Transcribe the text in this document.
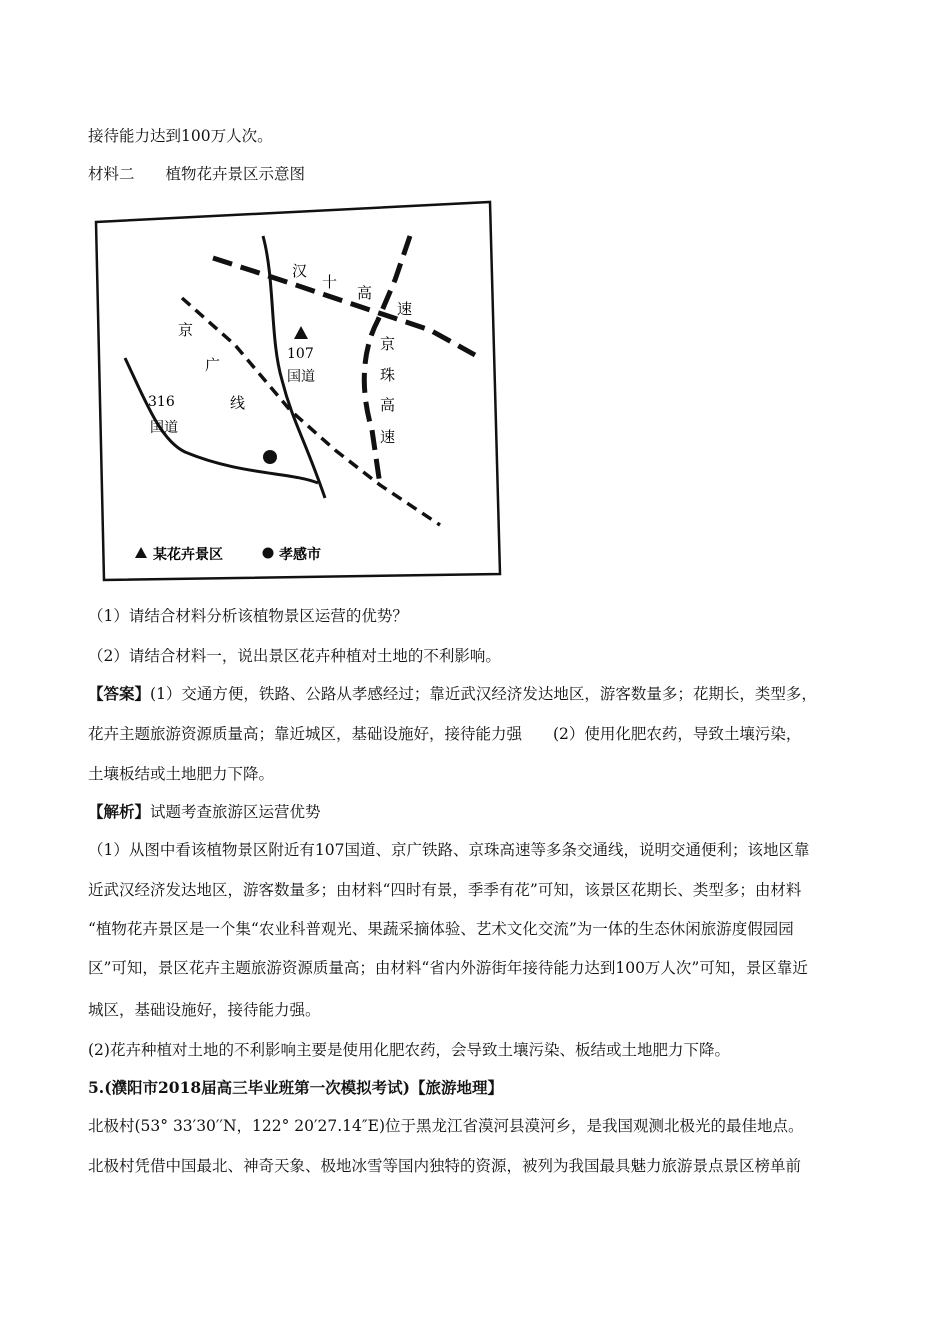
接待能力达到100万人次。
材料二　　植物花卉景区示意图
汉
十
高
速
京
珠
高
速
京
广
线
107
国道
316
国道
某花卉景区	孝感市
（1）请结合材料分析该植物景区运营的优势？
（2）请结合材料一，说出景区花卉种植对土地的不利影响。
【答案】(1）交通方便，铁路、公路从孝感经过；靠近武汉经济发达地区，游客数量多；花期长，类型多，
花卉主题旅游资源质量高；靠近城区，基础设施好，接待能力强　　(2）使用化肥农药，导致土壤污染，
土壤板结或土地肥力下降。
【解析】试题考查旅游区运营优势
（1）从图中看该植物景区附近有107国道、京广铁路、京珠高速等多条交通线，说明交通便利；该地区靠
近武汉经济发达地区，游客数量多；由材料“四时有景，季季有花”可知，该景区花期长、类型多；由材料
“植物花卉景区是一个集“农业科普观光、果蔬采摘体验、艺术文化交流”为一体的生态休闲旅游度假园园
区”可知，景区花卉主题旅游资源质量高；由材料“省内外游街年接待能力达到100万人次”可知，景区靠近
城区，基础设施好，接待能力强。
(2)花卉种植对土地的不利影响主要是使用化肥农药，会导致土壤污染、板结或土地肥力下降。
5.(濮阳市2018届高三毕业班第一次模拟考试)【旅游地理】
北极村(53° 33′30′′N，122° 20′27.14″E)位于黑龙江省漠河县漠河乡，是我国观测北极光的最佳地点。
北极村凭借中国最北、神奇天象、极地冰雪等国内独特的资源，被列为我国最具魅力旅游景点景区榜单前
